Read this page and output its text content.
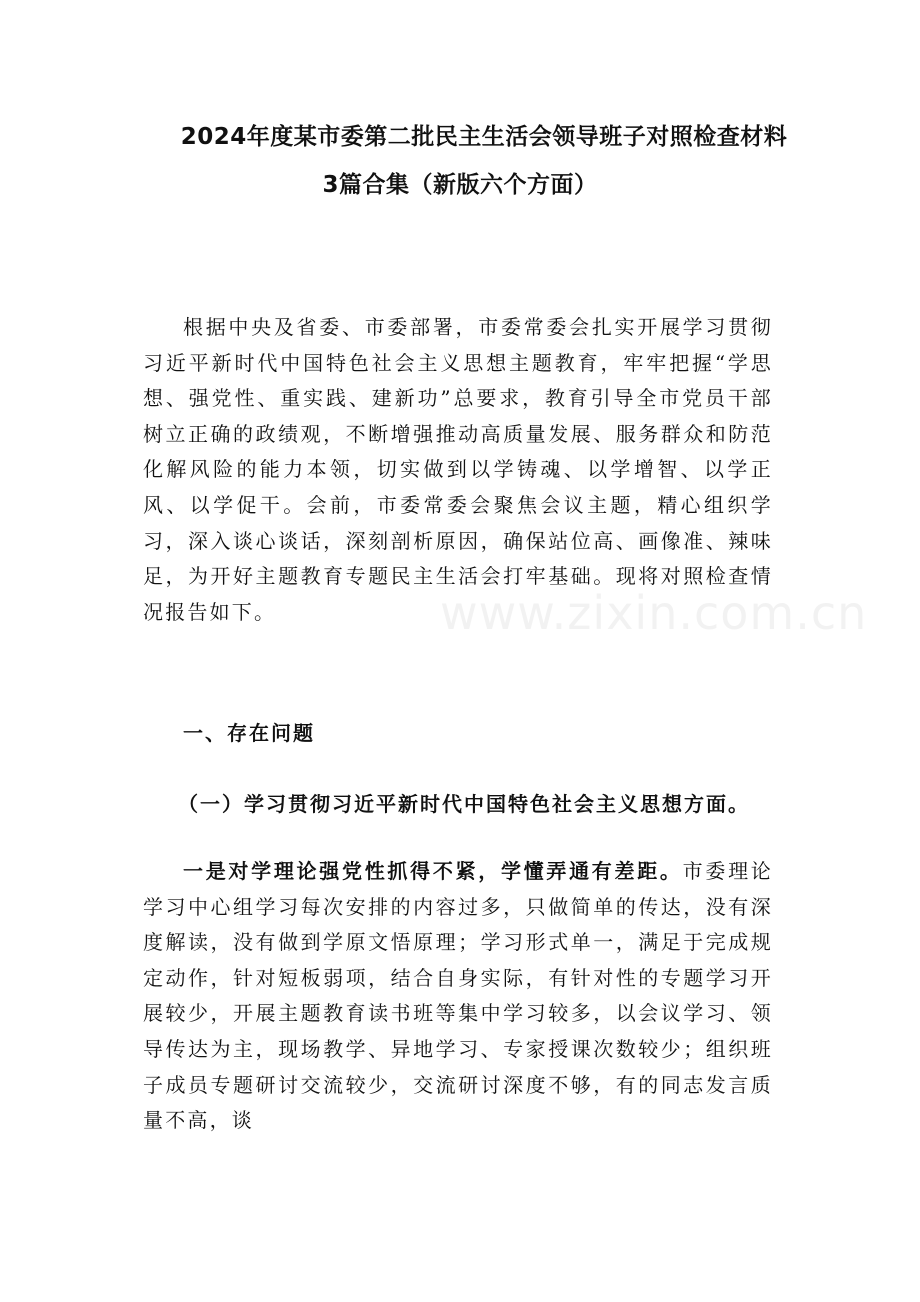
2024年度某市委第二批民主生活会领导班子对照检查材料
3篇合集（新版六个方面）

根据中央及省委、市委部署，市委常委会扎实开展学习贯彻习近平新时代中国特色社会主义思想主题教育，牢牢把握“学思想、强党性、重实践、建新功”总要求，教育引导全市党员干部树立正确的政绩观，不断增强推动高质量发展、服务群众和防范化解风险的能力本领，切实做到以学铸魂、以学增智、以学正风、以学促干。会前，市委常委会聚焦会议主题，精心组织学习，深入谈心谈话，深刻剖析原因，确保站位高、画像准、辣味足，为开好主题教育专题民主生活会打牢基础。现将对照检查情况报告如下。	www.zixin.com.cn

一、存在问题

（一）学习贯彻习近平新时代中国特色社会主义思想方面。

一是对学理论强党性抓得不紧，学懂弄通有差距。市委理论学习中心组学习每次安排的内容过多，只做简单的传达，没有深度解读，没有做到学原文悟原理；学习形式单一，满足于完成规定动作，针对短板弱项，结合自身实际，有针对性的专题学习开展较少，开展主题教育读书班等集中学习较多，以会议学习、领导传达为主，现场教学、异地学习、专家授课次数较少；组织班子成员专题研讨交流较少，交流研讨深度不够，有的同志发言质量不高，谈
